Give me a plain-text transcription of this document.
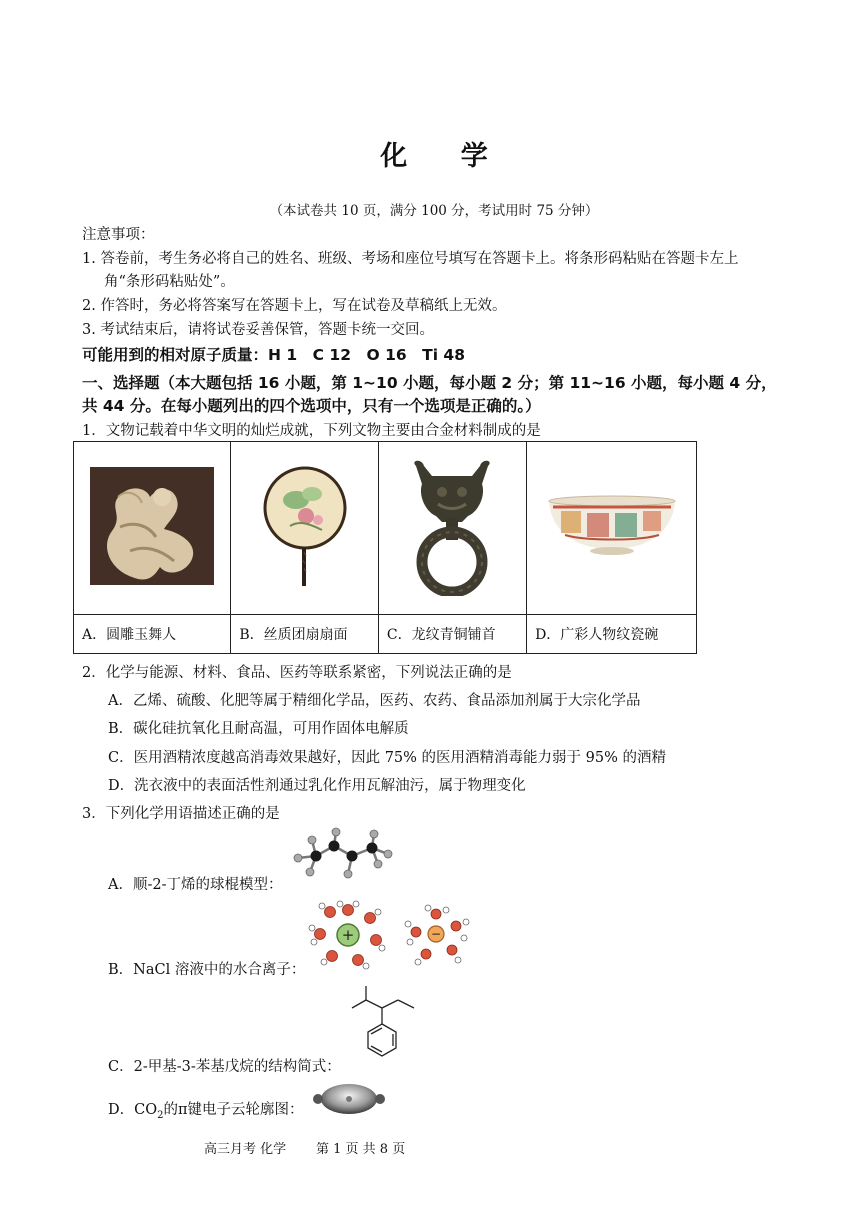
化 学
（本试卷共 10 页，满分 100 分，考试用时 75 分钟）
注意事项：
1. 答卷前，考生务必将自己的姓名、班级、考场和座位号填写在答题卡上。将条形码粘贴在答题卡左上
角“条形码粘贴处”。
2. 作答时，务必将答案写在答题卡上，写在试卷及草稿纸上无效。
3. 考试结束后，请将试卷妥善保管，答题卡统一交回。
可能用到的相对原子质量：H 1　C 12　O 16　Ti 48
一、选择题（本大题包括 16 小题，第 1~10 小题，每小题 2 分；第 11~16 小题，每小题 4 分，
共 44 分。在每小题列出的四个选项中，只有一个选项是正确的。）
1．文物记载着中华文明的灿烂成就，下列文物主要由合金材料制成的是

A．圆雕玉舞人	B．丝质团扇扇面	C．龙纹青铜铺首	D．广彩人物纹瓷碗
2．化学与能源、材料、食品、医药等联系紧密，下列说法正确的是
A．乙烯、硫酸、化肥等属于精细化学品，医药、农药、食品添加剂属于大宗化学品
B．碳化硅抗氧化且耐高温，可用作固体电解质
C．医用酒精浓度越高消毒效果越好，因此 75% 的医用酒精消毒能力弱于 95% 的酒精
D．洗衣液中的表面活性剂通过乳化作用瓦解油污，属于物理变化
3．下列化学用语描述正确的是
A．顺-2-丁烯的球棍模型：
B．NaCl 溶液中的水合离子：
+	−
C．2-甲基-3-苯基戊烷的结构简式：
D．$CO_2$的π键电子云轮廓图：
高三月考 化学 第 1 页 共 8 页
